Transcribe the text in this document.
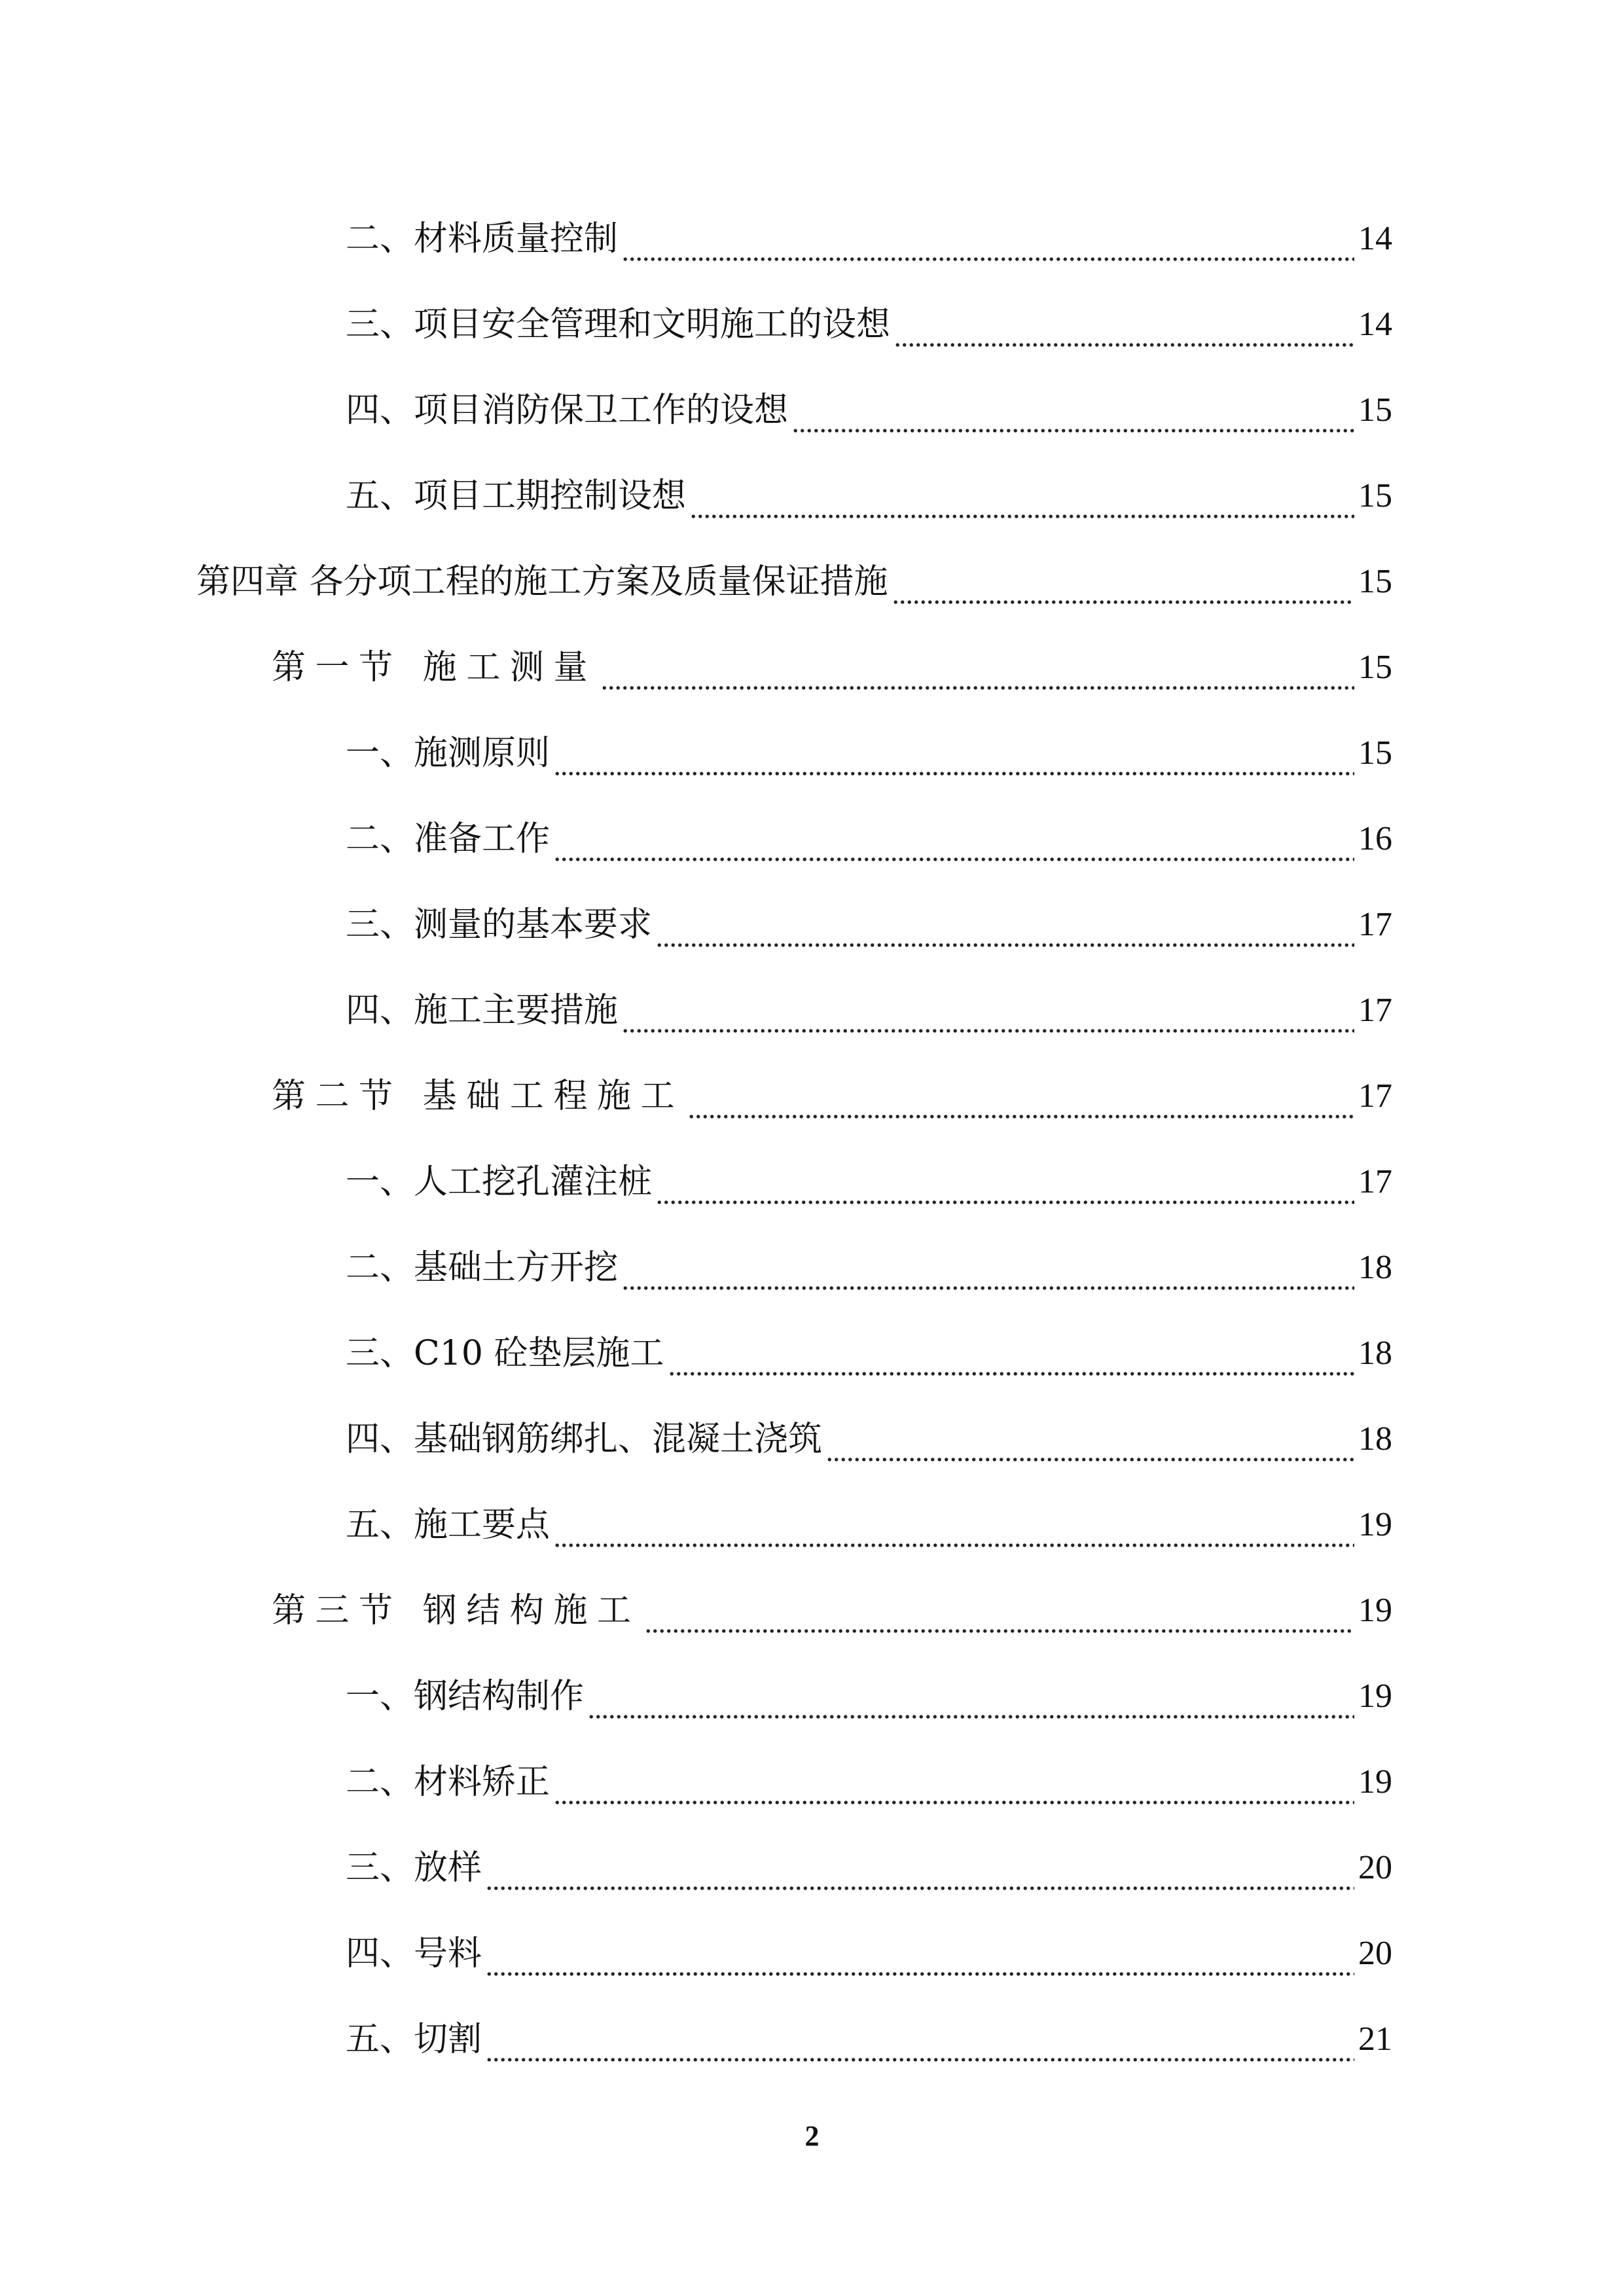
二、材料质量控制	14
三、项目安全管理和文明施工的设想	14
四、项目消防保卫工作的设想	15
五、项目工期控制设想	15
第四章 各分项工程的施工方案及质量保证措施	15
第一节 施工测量	15
一、施测原则	15
二、准备工作	16
三、测量的基本要求	17
四、施工主要措施	17
第二节 基础工程施工	17
一、人工挖孔灌注桩	17
二、基础土方开挖	18
三、C10 砼垫层施工	18
四、基础钢筋绑扎、混凝土浇筑	18
五、施工要点	19
第三节 钢结构施工	19
一、钢结构制作	19
二、材料矫正	19
三、放样	20
四、号料	20
五、切割	21
2
